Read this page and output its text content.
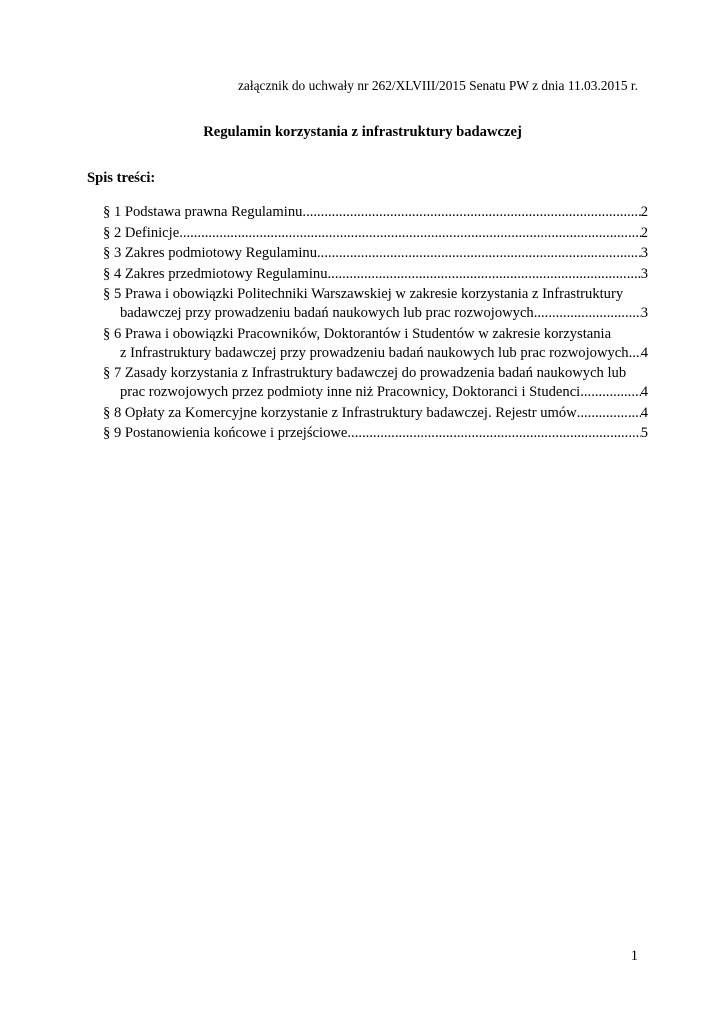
załącznik do uchwały nr 262/XLVIII/2015 Senatu PW z dnia 11.03.2015 r.
Regulamin korzystania z infrastruktury badawczej
Spis treści:
§ 1 Podstawa prawna Regulaminu .....	2
§ 2 Definicje .....	2
§ 3 Zakres podmiotowy Regulaminu .....	3
§ 4 Zakres przedmiotowy Regulaminu .....	3
§ 5 Prawa i obowiązki Politechniki Warszawskiej w zakresie korzystania z Infrastruktury
badawczej przy prowadzeniu badań naukowych lub prac rozwojowych .....	3
§ 6 Prawa i obowiązki Pracowników, Doktorantów i Studentów w zakresie korzystania
z Infrastruktury badawczej przy prowadzeniu badań naukowych lub prac rozwojowych ..... 4
§ 7 Zasady korzystania z Infrastruktury badawczej do prowadzenia badań naukowych lub
prac rozwojowych przez podmioty inne niż Pracownicy, Doktoranci i Studenci .....	4
§ 8 Opłaty za Komercyjne korzystanie z Infrastruktury badawczej. Rejestr umów .....	4
§ 9 Postanowienia końcowe i przejściowe .....	5
1
